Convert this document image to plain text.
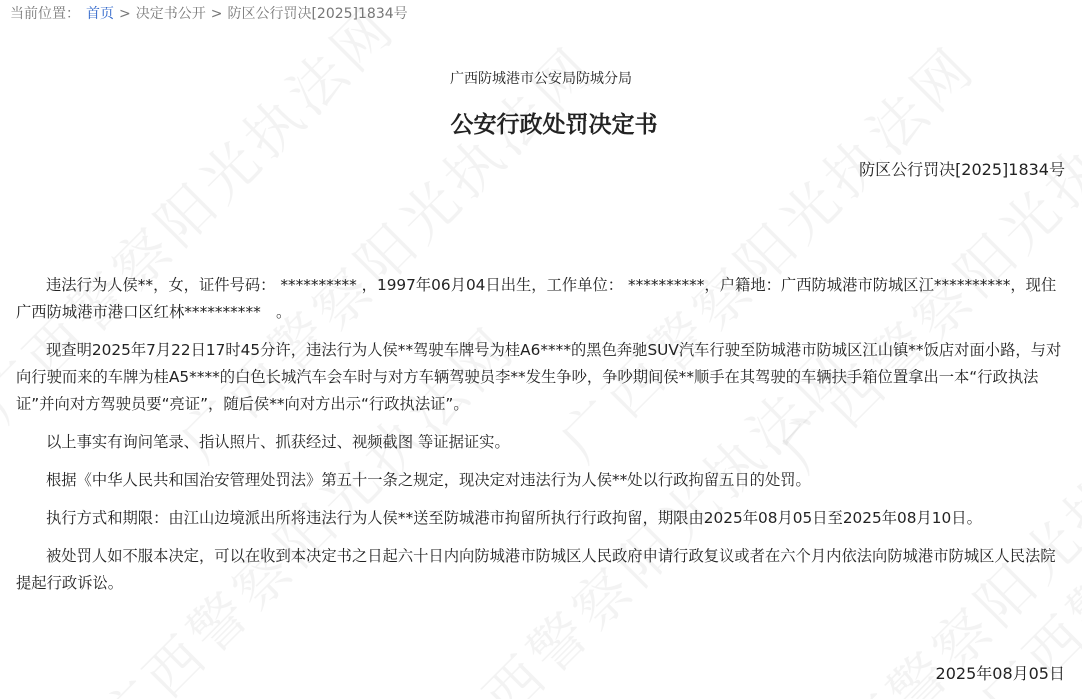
当前位置： 首页 > 决定书公开 > 防区公行罚决[2025]1834号
广西防城港市公安局防城分局
公安行政处罚决定书
防区公行罚决[2025]1834号

违法行为人侯**，女，证件号码： ********** ，1997年06月04日出生，工作单位： **********，户籍地：广西防城港市防城区江**********，现住 广西防城港市港口区红林**********　。

现查明2025年7月22日17时45分许，违法行为人侯**驾驶车牌号为桂A6****的黑色奔驰SUV汽车行驶至防城港市防城区江山镇**饭店对面小路，与对向行驶而来的车牌为桂A5****的白色长城汽车会车时与对方车辆驾驶员李**发生争吵，争吵期间侯**顺手在其驾驶的车辆扶手箱位置拿出一本“行政执法证”并向对方驾驶员要“亮证”，随后侯**向对方出示“行政执法证”。

以上事实有询问笔录、指认照片、抓获经过、视频截图 等证据证实。

根据《中华人民共和国治安管理处罚法》第五十一条之规定，现决定对违法行为人侯**处以行政拘留五日的处罚。

执行方式和期限：由江山边境派出所将违法行为人侯**送至防城港市拘留所执行行政拘留，期限由2025年08月05日至2025年08月10日。

被处罚人如不服本决定，可以在收到本决定书之日起六十日内向防城港市防城区人民政府申请行政复议或者在六个月内依法向防城港市防城区人民法院提起行政诉讼。

2025年08月05日
